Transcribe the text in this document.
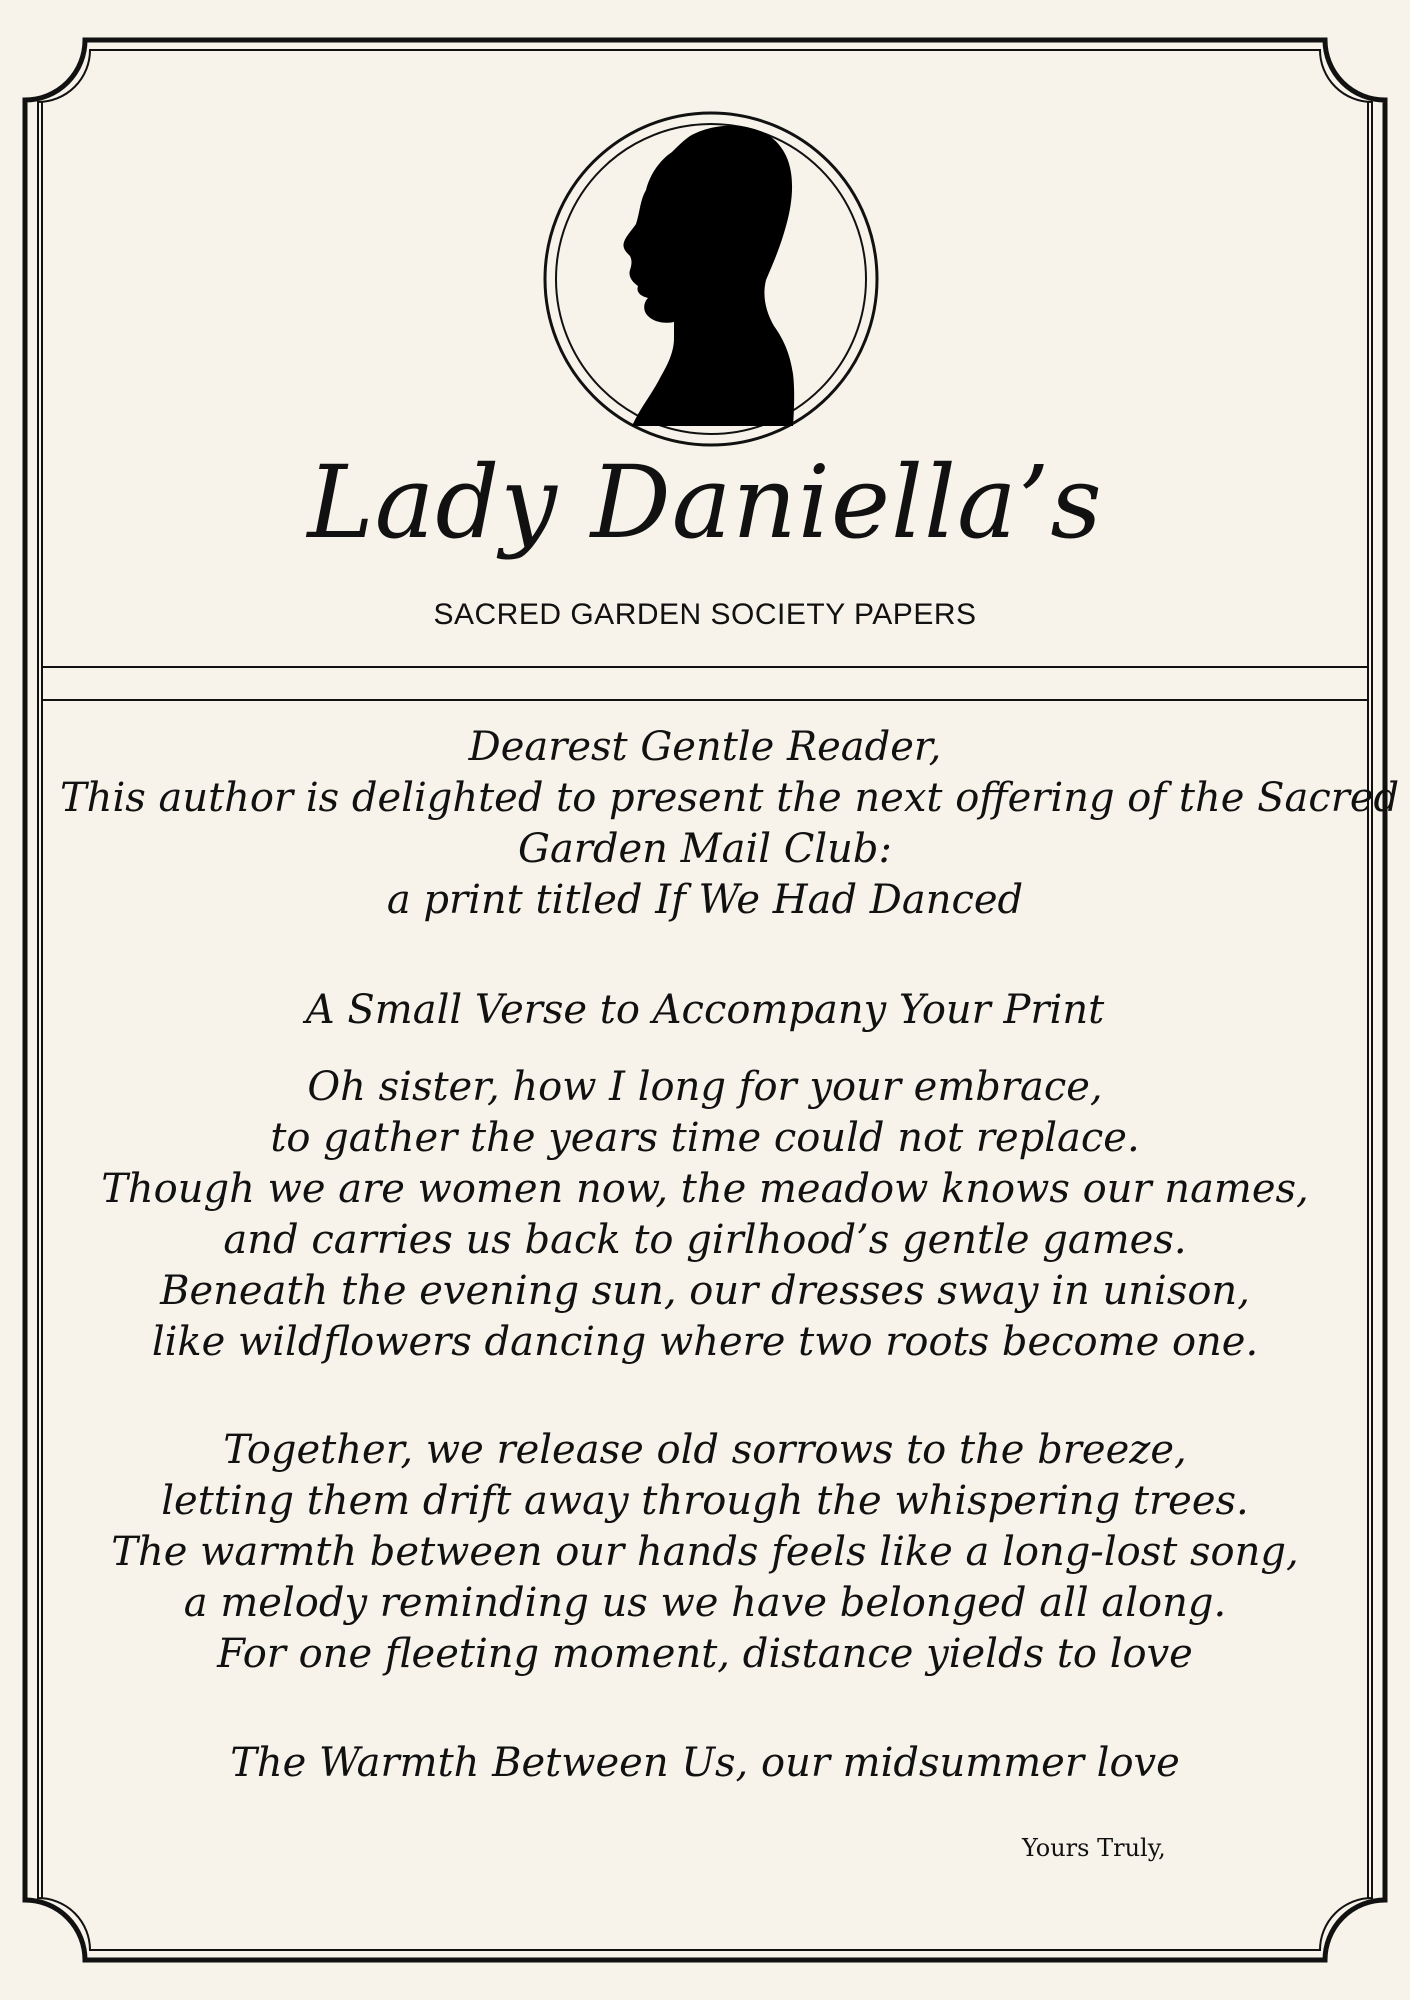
Lady Daniella’s
SACRED GARDEN SOCIETY PAPERS
Dearest Gentle Reader,
This author is delighted to present the next offering of the Sacred
Garden Mail Club:
a print titled If We Had Danced
A Small Verse to Accompany Your Print
Oh sister, how I long for your embrace,
to gather the years time could not replace.
Though we are women now, the meadow knows our names,
and carries us back to girlhood’s gentle games.
Beneath the evening sun, our dresses sway in unison,
like wildflowers dancing where two roots become one.
Together, we release old sorrows to the breeze,
letting them drift away through the whispering trees.
The warmth between our hands feels like a long-lost song,
a melody reminding us we have belonged all along.
For one fleeting moment, distance yields to love
The Warmth Between Us, our midsummer love
Yours Truly,
